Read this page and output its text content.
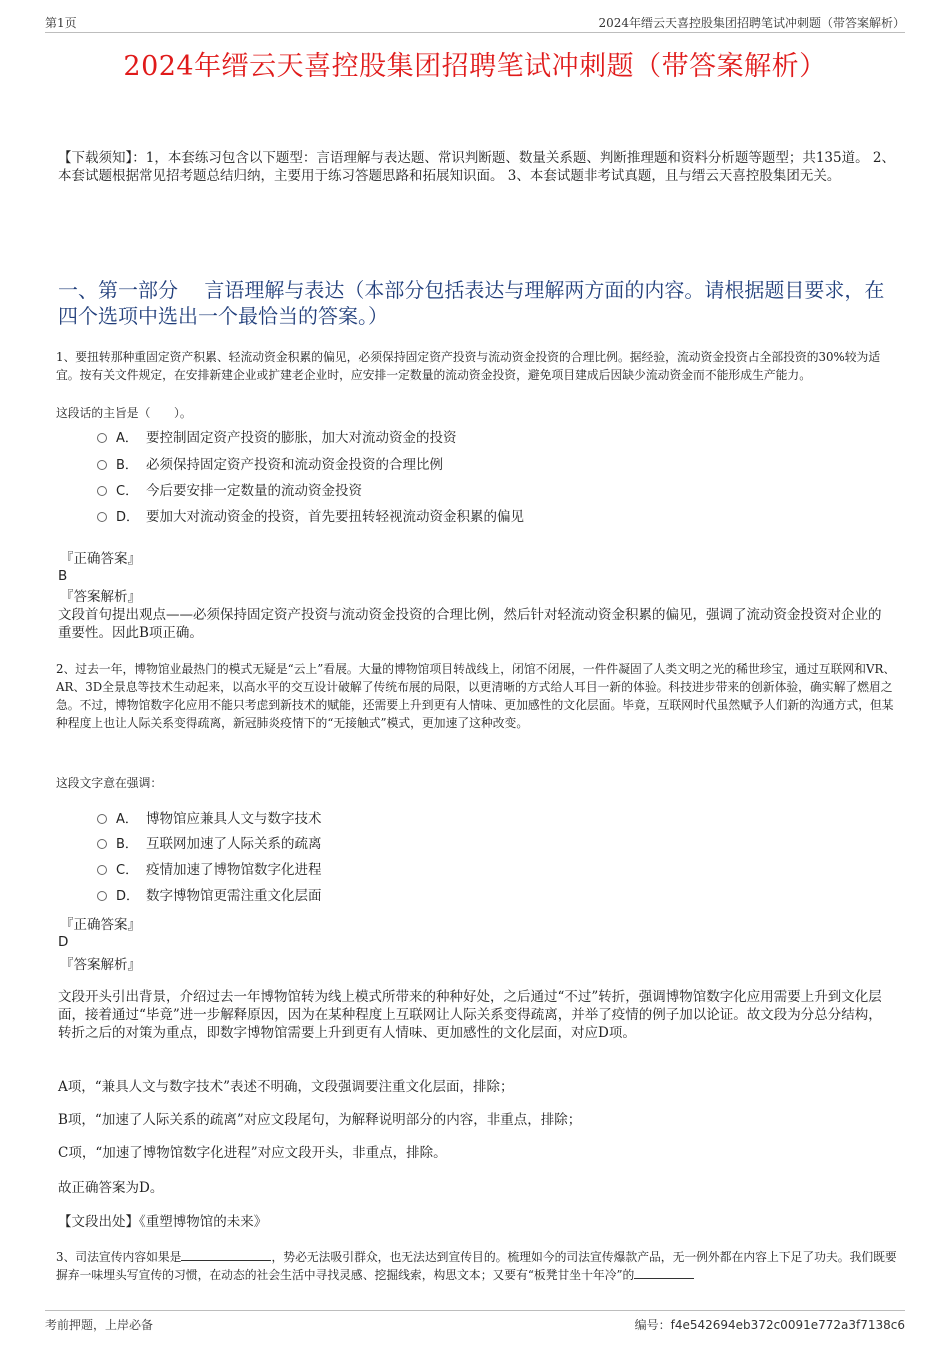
第1页	2024年缙云天喜控股集团招聘笔试冲刺题（带答案解析）
2024年缙云天喜控股集团招聘笔试冲刺题（带答案解析）
【下载须知】：1，本套练习包含以下题型：言语理解与表达题、常识判断题、数量关系题、判断推理题和资料分析题等题型；共135道。 2、本套试题根据常见招考题总结归纳，主要用于练习答题思路和拓展知识面。 3、本套试题非考试真题，且与缙云天喜控股集团无关。
一、第一部分　 言语理解与表达（本部分包括表达与理解两方面的内容。请根据题目要求，在四个选项中选出一个最恰当的答案。）
1、要扭转那种重固定资产积累、轻流动资金积累的偏见，必须保持固定资产投资与流动资金投资的合理比例。据经验，流动资金投资占全部投资的30%较为适宜。按有关文件规定，在安排新建企业或扩建老企业时，应安排一定数量的流动资金投资，避免项目建成后因缺少流动资金而不能形成生产能力。
这段话的主旨是（　　）。
A． 要控制固定资产投资的膨胀，加大对流动资金的投资
B． 必须保持固定资产投资和流动资金投资的合理比例
C． 今后要安排一定数量的流动资金投资
D． 要加大对流动资金的投资，首先要扭转轻视流动资金积累的偏见
『正确答案』
B
『答案解析』
文段首句提出观点——必须保持固定资产投资与流动资金投资的合理比例，然后针对轻流动资金积累的偏见，强调了流动资金投资对企业的重要性。因此B项正确。
2、过去一年，博物馆业最热门的模式无疑是“云上”看展。大量的博物馆项目转战线上，闭馆不闭展，一件件凝固了人类文明之光的稀世珍宝，通过互联网和VR、AR、3D全景息等技术生动起来，以高水平的交互设计破解了传统布展的局限，以更清晰的方式给人耳目一新的体验。科技进步带来的创新体验，确实解了燃眉之急。不过，博物馆数字化应用不能只考虑到新技术的赋能，还需要上升到更有人情味、更加感性的文化层面。毕竟，互联网时代虽然赋予人们新的沟通方式，但某种程度上也让人际关系变得疏离，新冠肺炎疫情下的“无接触式”模式，更加速了这种改变。
这段文字意在强调：
A． 博物馆应兼具人文与数字技术
B． 互联网加速了人际关系的疏离
C． 疫情加速了博物馆数字化进程
D． 数字博物馆更需注重文化层面
『正确答案』
D
『答案解析』
文段开头引出背景，介绍过去一年博物馆转为线上模式所带来的种种好处，之后通过“不过”转折，强调博物馆数字化应用需要上升到文化层面，接着通过“毕竟”进一步解释原因，因为在某种程度上互联网让人际关系变得疏离，并举了疫情的例子加以论证。故文段为分总分结构，转折之后的对策为重点，即数字博物馆需要上升到更有人情味、更加感性的文化层面，对应D项。
A项，“兼具人文与数字技术”表述不明确，文段强调要注重文化层面，排除；
B项，“加速了人际关系的疏离”对应文段尾句，为解释说明部分的内容，非重点，排除；
C项，“加速了博物馆数字化进程”对应文段开头，非重点，排除。
故正确答案为D。
【文段出处】《重塑博物馆的未来》
3、司法宣传内容如果是	，势必无法吸引群众，也无法达到宣传目的。梳理如今的司法宣传爆款产品，无一例外都在内容上下足了功夫。我们既要摒弃一味埋头写宣传的习惯，在动态的社会生活中寻找灵感、挖掘线索，构思文本；又要有“板凳甘坐十年冷”的
考前押题，上岸必备	编号：f4e542694eb372c0091e772a3f7138c6
